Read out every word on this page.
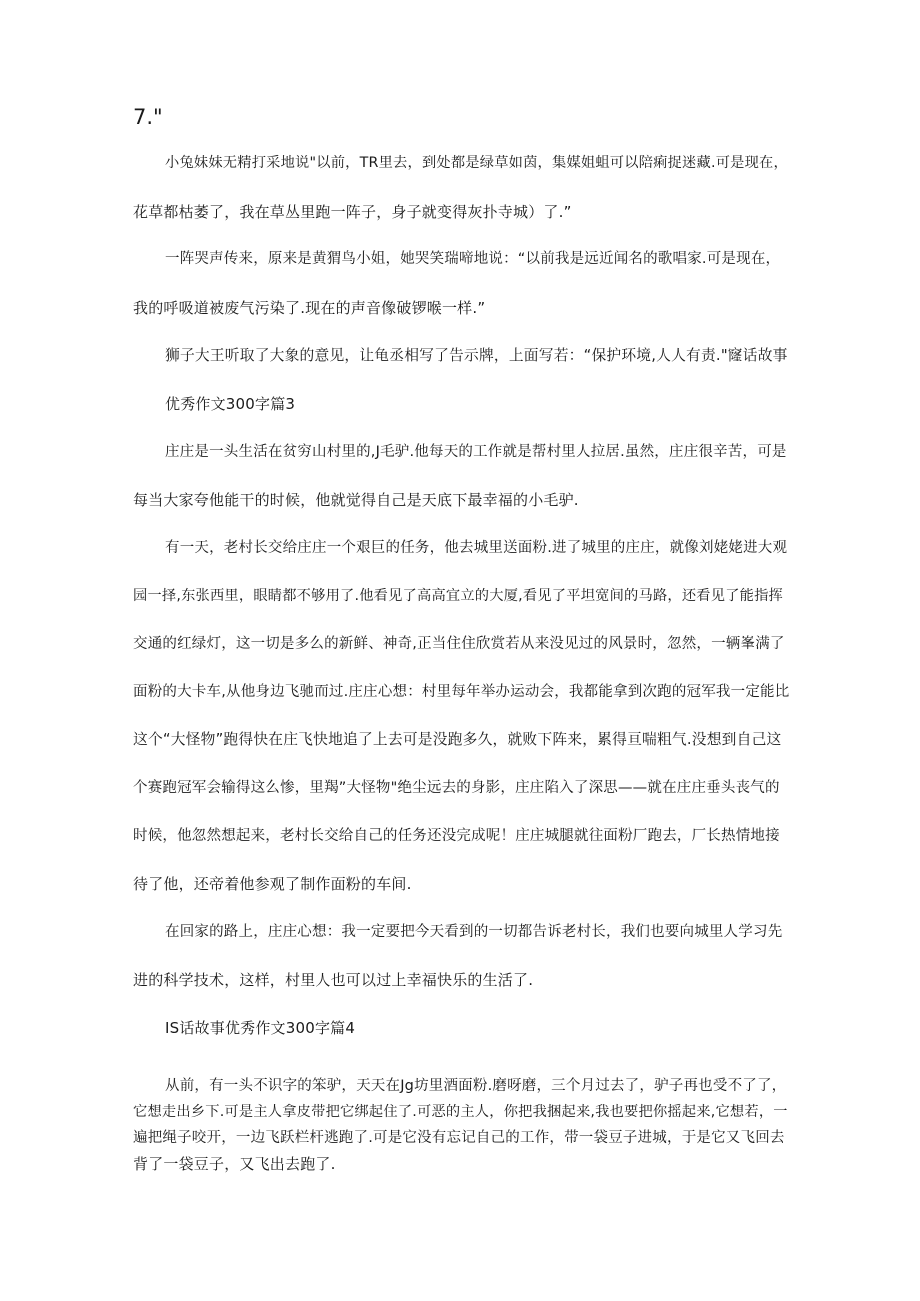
7."
小兔妹妹无精打采地说"以前，TR里去，到处都是绿草如茵，集媒姐蛆可以陪痢捉迷藏.可是现在，
花草都枯萎了，我在草丛里跑一阵子，身子就变得灰扑寺城）了.”
一阵哭声传来，原来是黄猬鸟小姐，她哭笑瑞啼地说：“以前我是远近闻名的歌唱家.可是现在，
我的呼吸道被废气污染了.现在的声音像破锣喉一样.”
狮子大王听取了大象的意见，让龟丞相写了告示牌，上面写若：“保护环境,人人有责."窿话故事
优秀作文300字篇3
庄庄是一头生活在贫穷山村里的,J毛驴.他每天的工作就是帮村里人拉居.虽然，庄庄很辛苦，可是
每当大家夸他能干的时候，他就觉得自己是天底下最幸福的小毛驴.
有一天，老村长交给庄庄一个艰巨的任务，他去城里送面粉.进了城里的庄庄，就像刘姥姥进大观
园一择,东张西里，眼睛都不够用了.他看见了高高宜立的大厦,看见了平坦宽间的马路，还看见了能指挥
交通的红绿灯，这一切是多么的新鲜、神奇,正当住住欣赏若从来没见过的风景时，忽然，一辆峯满了
面粉的大卡车,从他身边飞驰而过.庄庄心想：村里每年举办运动会，我都能拿到次跑的冠军我一定能比
这个“大怪物”跑得快在庄飞快地追了上去可是没跑多久，就败下阵来，累得亘喘粗气.没想到自己这
个赛跑冠军会输得这么惨，里羯”大怪物"绝尘远去的身影，庄庄陷入了深思——就在庄庄垂头丧气的
时候，他忽然想起来，老村长交给自己的任务还没完成呢！庄庄城腿就往面粉厂跑去，厂长热情地接
待了他，还帝着他参观了制作面粉的车间.
在回家的路上，庄庄心想：我一定要把今天看到的一切都告诉老村长，我们也要向城里人学习先
进的科学技术，这样，村里人也可以过上幸福快乐的生活了.
IS话故事优秀作文300字篇4
从前，有一头不识字的笨驴，天天在Jg坊里酒面粉.磨呀磨，三个月过去了，驴子再也受不了了，
它想走出乡下.可是主人拿皮带把它绑起住了.可恶的主人，你把我捆起来,我也要把你摇起来,它想若，一
遍把绳子咬开，一边飞跃栏杆逃跑了.可是它没有忘记自己的工作，带一袋豆子进城，于是它又飞回去
背了一袋豆子，又飞出去跑了.
